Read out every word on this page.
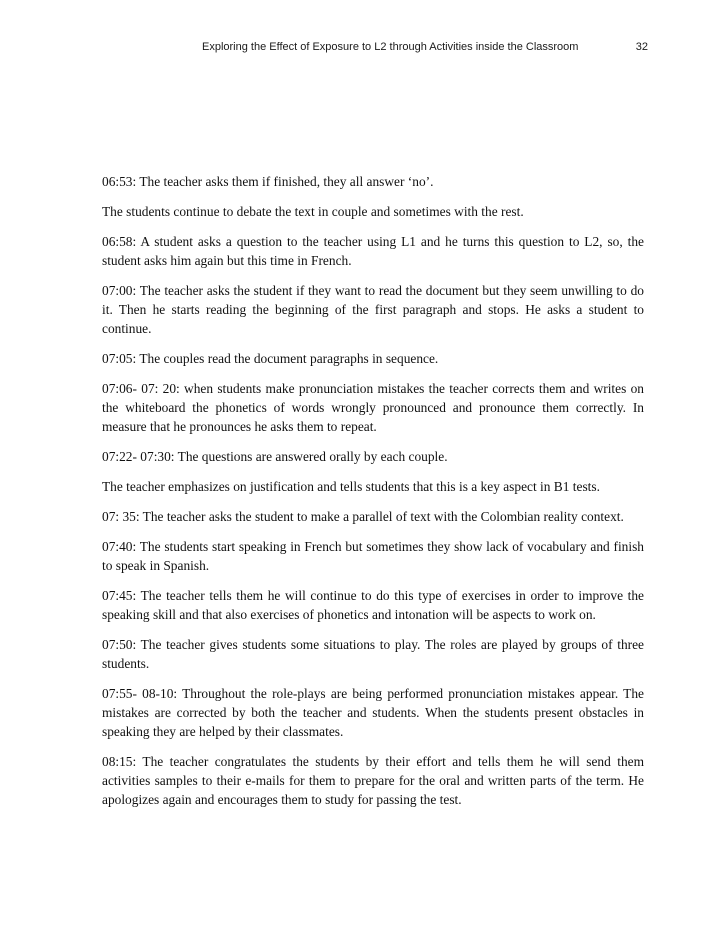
Exploring the Effect of Exposure to L2 through Activities inside the Classroom	32

06:53: The teacher asks them if finished, they all answer ‘no’.

The students continue to debate the text in couple and sometimes with the rest.

06:58: A student asks a question to the teacher using L1 and he turns this question to L2, so, the student asks him again but this time in French.

07:00: The teacher asks the student if they want to read the document but they seem unwilling to do it. Then he starts reading the beginning of the first paragraph and stops. He asks a student to continue.

07:05: The couples read the document paragraphs in sequence.

07:06- 07: 20: when students make pronunciation mistakes the teacher corrects them and writes on the whiteboard the phonetics of words wrongly pronounced and pronounce them correctly. In measure that he pronounces he asks them to repeat.

07:22- 07:30: The questions are answered orally by each couple.

The teacher emphasizes on justification and tells students that this is a key aspect in B1 tests.

07: 35: The teacher asks the student to make a parallel of text with the Colombian reality context.

07:40: The students start speaking in French but sometimes they show lack of vocabulary and finish to speak in Spanish.

07:45: The teacher tells them he will continue to do this type of exercises in order to improve the speaking skill and that also exercises of phonetics and intonation will be aspects to work on.

07:50: The teacher gives students some situations to play. The roles are played by groups of three students.

07:55- 08-10: Throughout the role-plays are being performed pronunciation mistakes appear. The mistakes are corrected by both the teacher and students. When the students present obstacles in speaking they are helped by their classmates.

08:15: The teacher congratulates the students by their effort and tells them he will send them activities samples to their e-mails for them to prepare for the oral and written parts of the term. He apologizes again and encourages them to study for passing the test.
